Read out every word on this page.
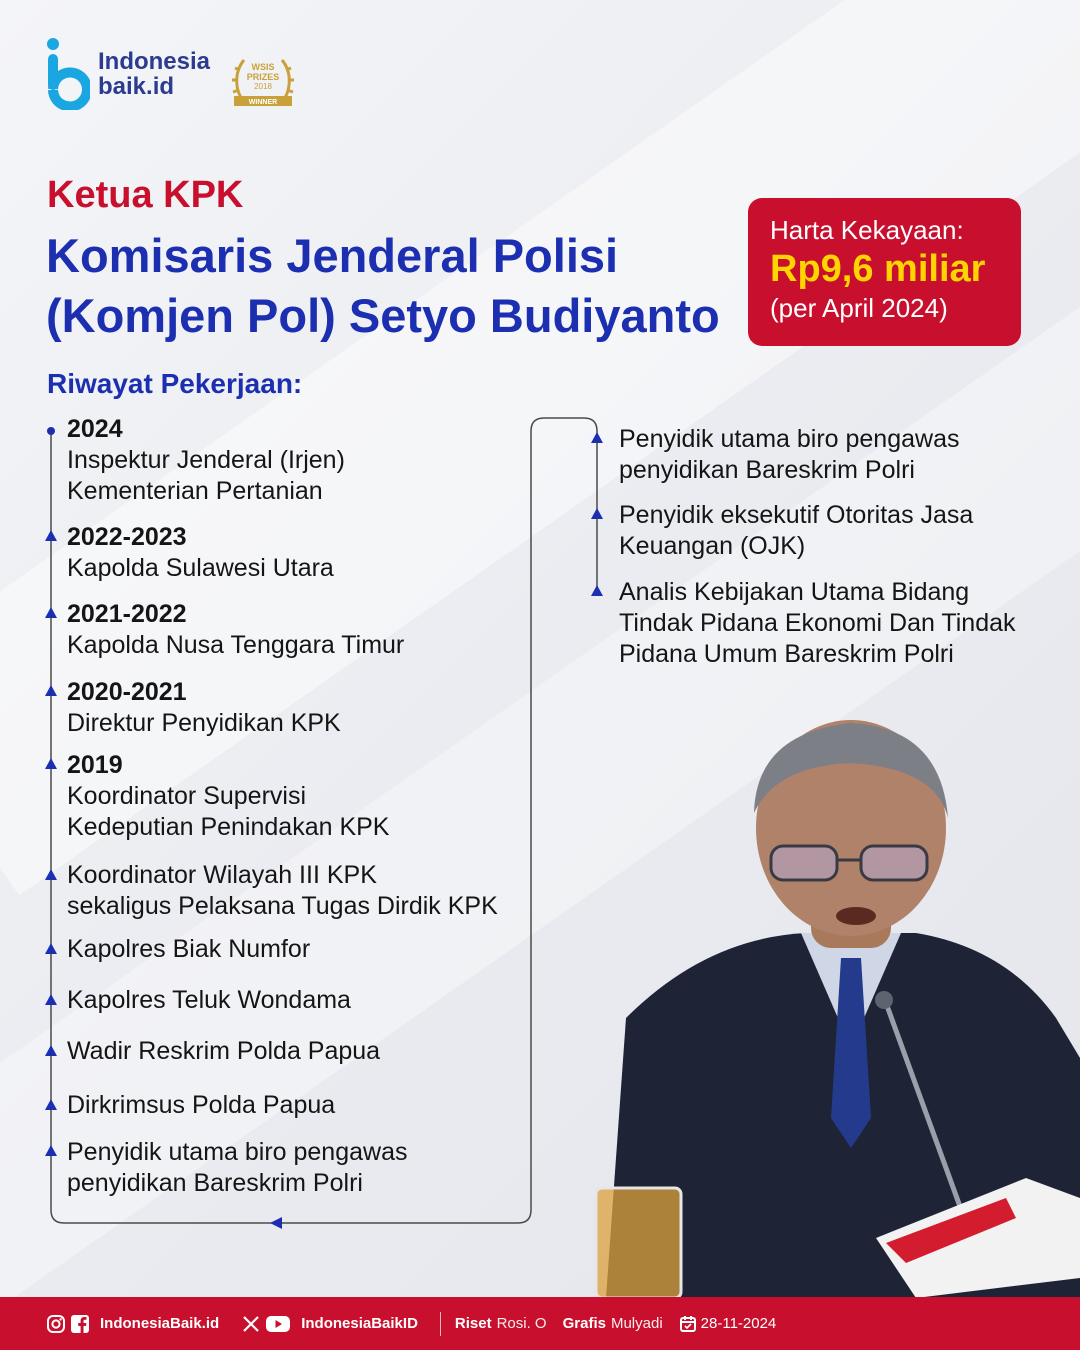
Indonesia
baik.id
WSIS
PRIZES
2018
WINNER
Ketua KPK
Komisaris Jenderal Polisi
(Komjen Pol) Setyo Budiyanto
Harta Kekayaan:
Rp9,6 miliar
(per April 2024)
Riwayat Pekerjaan:
2024
Inspektur Jenderal (Irjen)
Kementerian Pertanian
2022-2023
Kapolda Sulawesi Utara
2021-2022
Kapolda Nusa Tenggara Timur
2020-2021
Direktur Penyidikan KPK
2019
Koordinator Supervisi
Kedeputian Penindakan KPK
Koordinator Wilayah III KPK
sekaligus Pelaksana Tugas Dirdik KPK
Kapolres Biak Numfor
Kapolres Teluk Wondama
Wadir Reskrim Polda Papua
Dirkrimsus Polda Papua
Penyidik utama biro pengawas
penyidikan Bareskrim Polri
Penyidik utama biro pengawas
penyidikan Bareskrim Polri
Penyidik eksekutif Otoritas Jasa
Keuangan (OJK)
Analis Kebijakan Utama Bidang
Tindak Pidana Ekonomi Dan Tindak
Pidana Umum Bareskrim Polri
IndonesiaBaik.id	IndonesiaBaikID Riset Rosi. O Grafis Mulyadi	28-11-2024
